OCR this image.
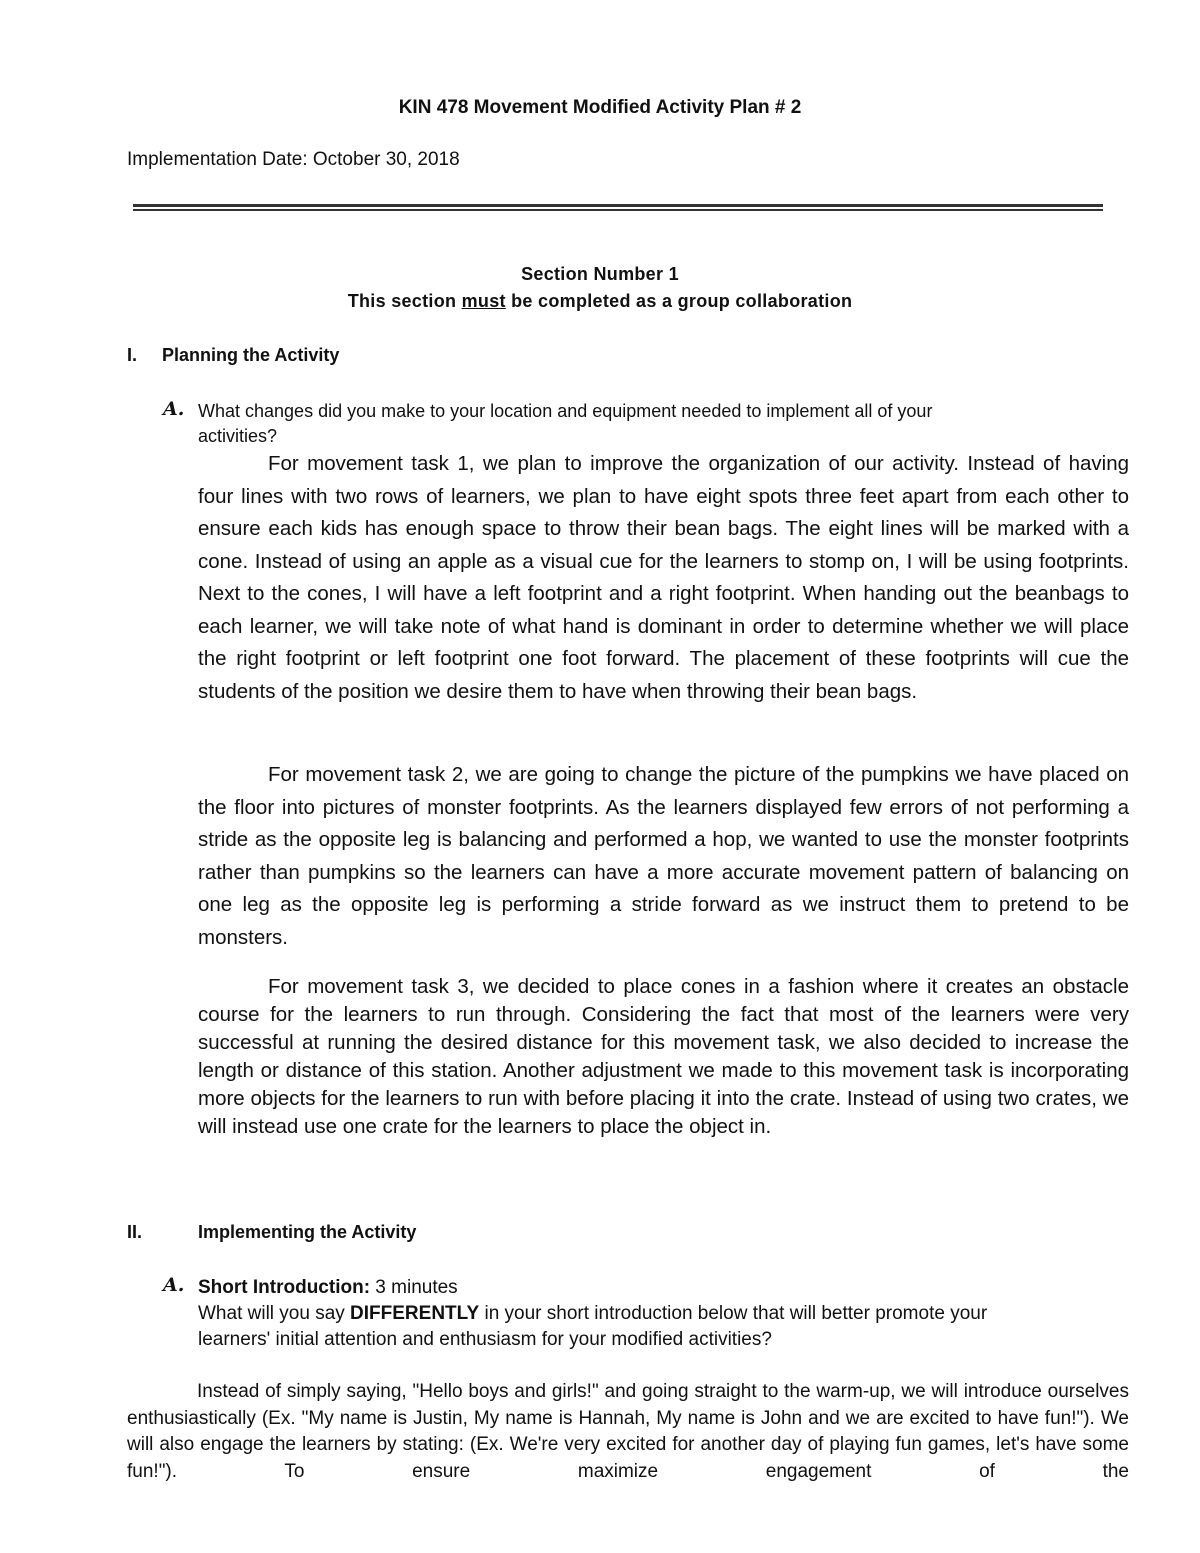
KIN 478 Movement Modified Activity Plan # 2
Implementation Date: October 30, 2018
Section Number 1
This section must be completed as a group collaboration
I. Planning the Activity
A. What changes did you make to your location and equipment needed to implement all of your
activities?

For movement task 1, we plan to improve the organization of our activity. Instead of having four lines with two rows of learners, we plan to have eight spots three feet apart from each other to ensure each kids has enough space to throw their bean bags. The eight lines will be marked with a cone. Instead of using an apple as a visual cue for the learners to stomp on, I will be using footprints. Next to the cones, I will have a left footprint and a right footprint. When handing out the beanbags to each learner, we will take note of what hand is dominant in order to determine whether we will place the right footprint or left footprint one foot forward. The placement of these footprints will cue the students of the position we desire them to have when throwing their bean bags.

For movement task 2, we are going to change the picture of the pumpkins we have placed on the floor into pictures of monster footprints. As the learners displayed few errors of not performing a stride as the opposite leg is balancing and performed a hop, we wanted to use the monster footprints rather than pumpkins so the learners can have a more accurate movement pattern of balancing on one leg as the opposite leg is performing a stride forward as we instruct them to pretend to be monsters.

For movement task 3, we decided to place cones in a fashion where it creates an obstacle course for the learners to run through. Considering the fact that most of the learners were very successful at running the desired distance for this movement task, we also decided to increase the length or distance of this station. Another adjustment we made to this movement task is incorporating more objects for the learners to run with before placing it into the crate. Instead of using two crates, we will instead use one crate for the learners to place the object in.

II.	Implementing the Activity
A. Short Introduction: 3 minutes
What will you say DIFFERENTLY in your short introduction below that will better promote your
learners' initial attention and enthusiasm for your modified activities?
Instead of simply saying, "Hello boys and girls!" and going straight to the warm-up, we will introduce ourselves enthusiastically (Ex. "My name is Justin, My name is Hannah, My name is John and we are excited to have fun!"). We will also engage the learners by stating: (Ex. We're very excited for another day of playing fun games, let's have some fun!"). To ensure maximize engagement of the
